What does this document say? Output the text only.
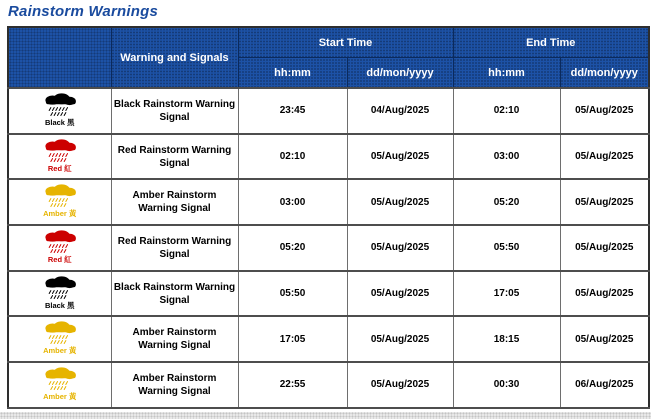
Rainstorm Warnings
	Warning and Signals	Start Time		End Time	
		hh:mm	dd/mon/yyyy	hh:mm	dd/mon/yyyy

Black 黑	Black Rainstorm Warning Signal	23:45	04/Aug/2025	02:10	05/Aug/2025

Red 紅	Red Rainstorm Warning Signal	02:10	05/Aug/2025	03:00	05/Aug/2025

Amber 黃	Amber Rainstorm Warning Signal	03:00	05/Aug/2025	05:20	05/Aug/2025

Red 紅	Red Rainstorm Warning Signal	05:20	05/Aug/2025	05:50	05/Aug/2025

Black 黑	Black Rainstorm Warning Signal	05:50	05/Aug/2025	17:05	05/Aug/2025

Amber 黃	Amber Rainstorm Warning Signal	17:05	05/Aug/2025	18:15	05/Aug/2025

Amber 黃	Amber Rainstorm Warning Signal	22:55	05/Aug/2025	00:30	06/Aug/2025
